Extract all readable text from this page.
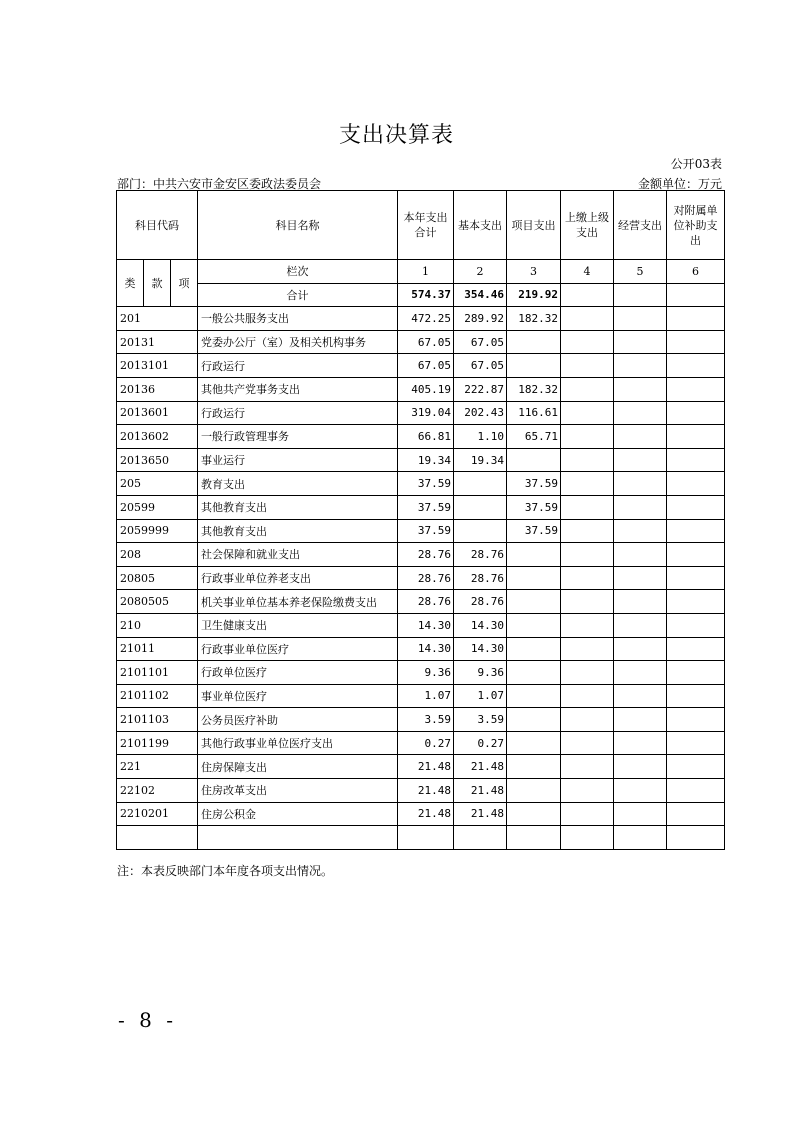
支出决算表
公开03表
部门：中共六安市金安区委政法委员会	金额单位：万元
科目代码			科目名称	本年支出合计	基本支出	项目支出	上缴上级支出	经营支出	对附属单位补助支出
类	款	项	栏次	1	2	3	4	5	6
			合计	574.37	354.46	219.92			
201			一般公共服务支出	472.25	289.92	182.32			
20131			党委办公厅（室）及相关机构事务	67.05	67.05				
2013101			行政运行	67.05	67.05				
20136			其他共产党事务支出	405.19	222.87	182.32			
2013601			行政运行	319.04	202.43	116.61			
2013602			一般行政管理事务	66.81	1.10	65.71			
2013650			事业运行	19.34	19.34				
205			教育支出	37.59		37.59			
20599			其他教育支出	37.59		37.59			
2059999			其他教育支出	37.59		37.59			
208			社会保障和就业支出	28.76	28.76				
20805			行政事业单位养老支出	28.76	28.76				
2080505			机关事业单位基本养老保险缴费支出	28.76	28.76				
210			卫生健康支出	14.30	14.30				
21011			行政事业单位医疗	14.30	14.30				
2101101			行政单位医疗	9.36	9.36				
2101102			事业单位医疗	1.07	1.07				
2101103			公务员医疗补助	3.59	3.59				
2101199			其他行政事业单位医疗支出	0.27	0.27				
221			住房保障支出	21.48	21.48				
22102			住房改革支出	21.48	21.48				
2210201			住房公积金	21.48	21.48				

注：本表反映部门本年度各项支出情况。
- 8 -
